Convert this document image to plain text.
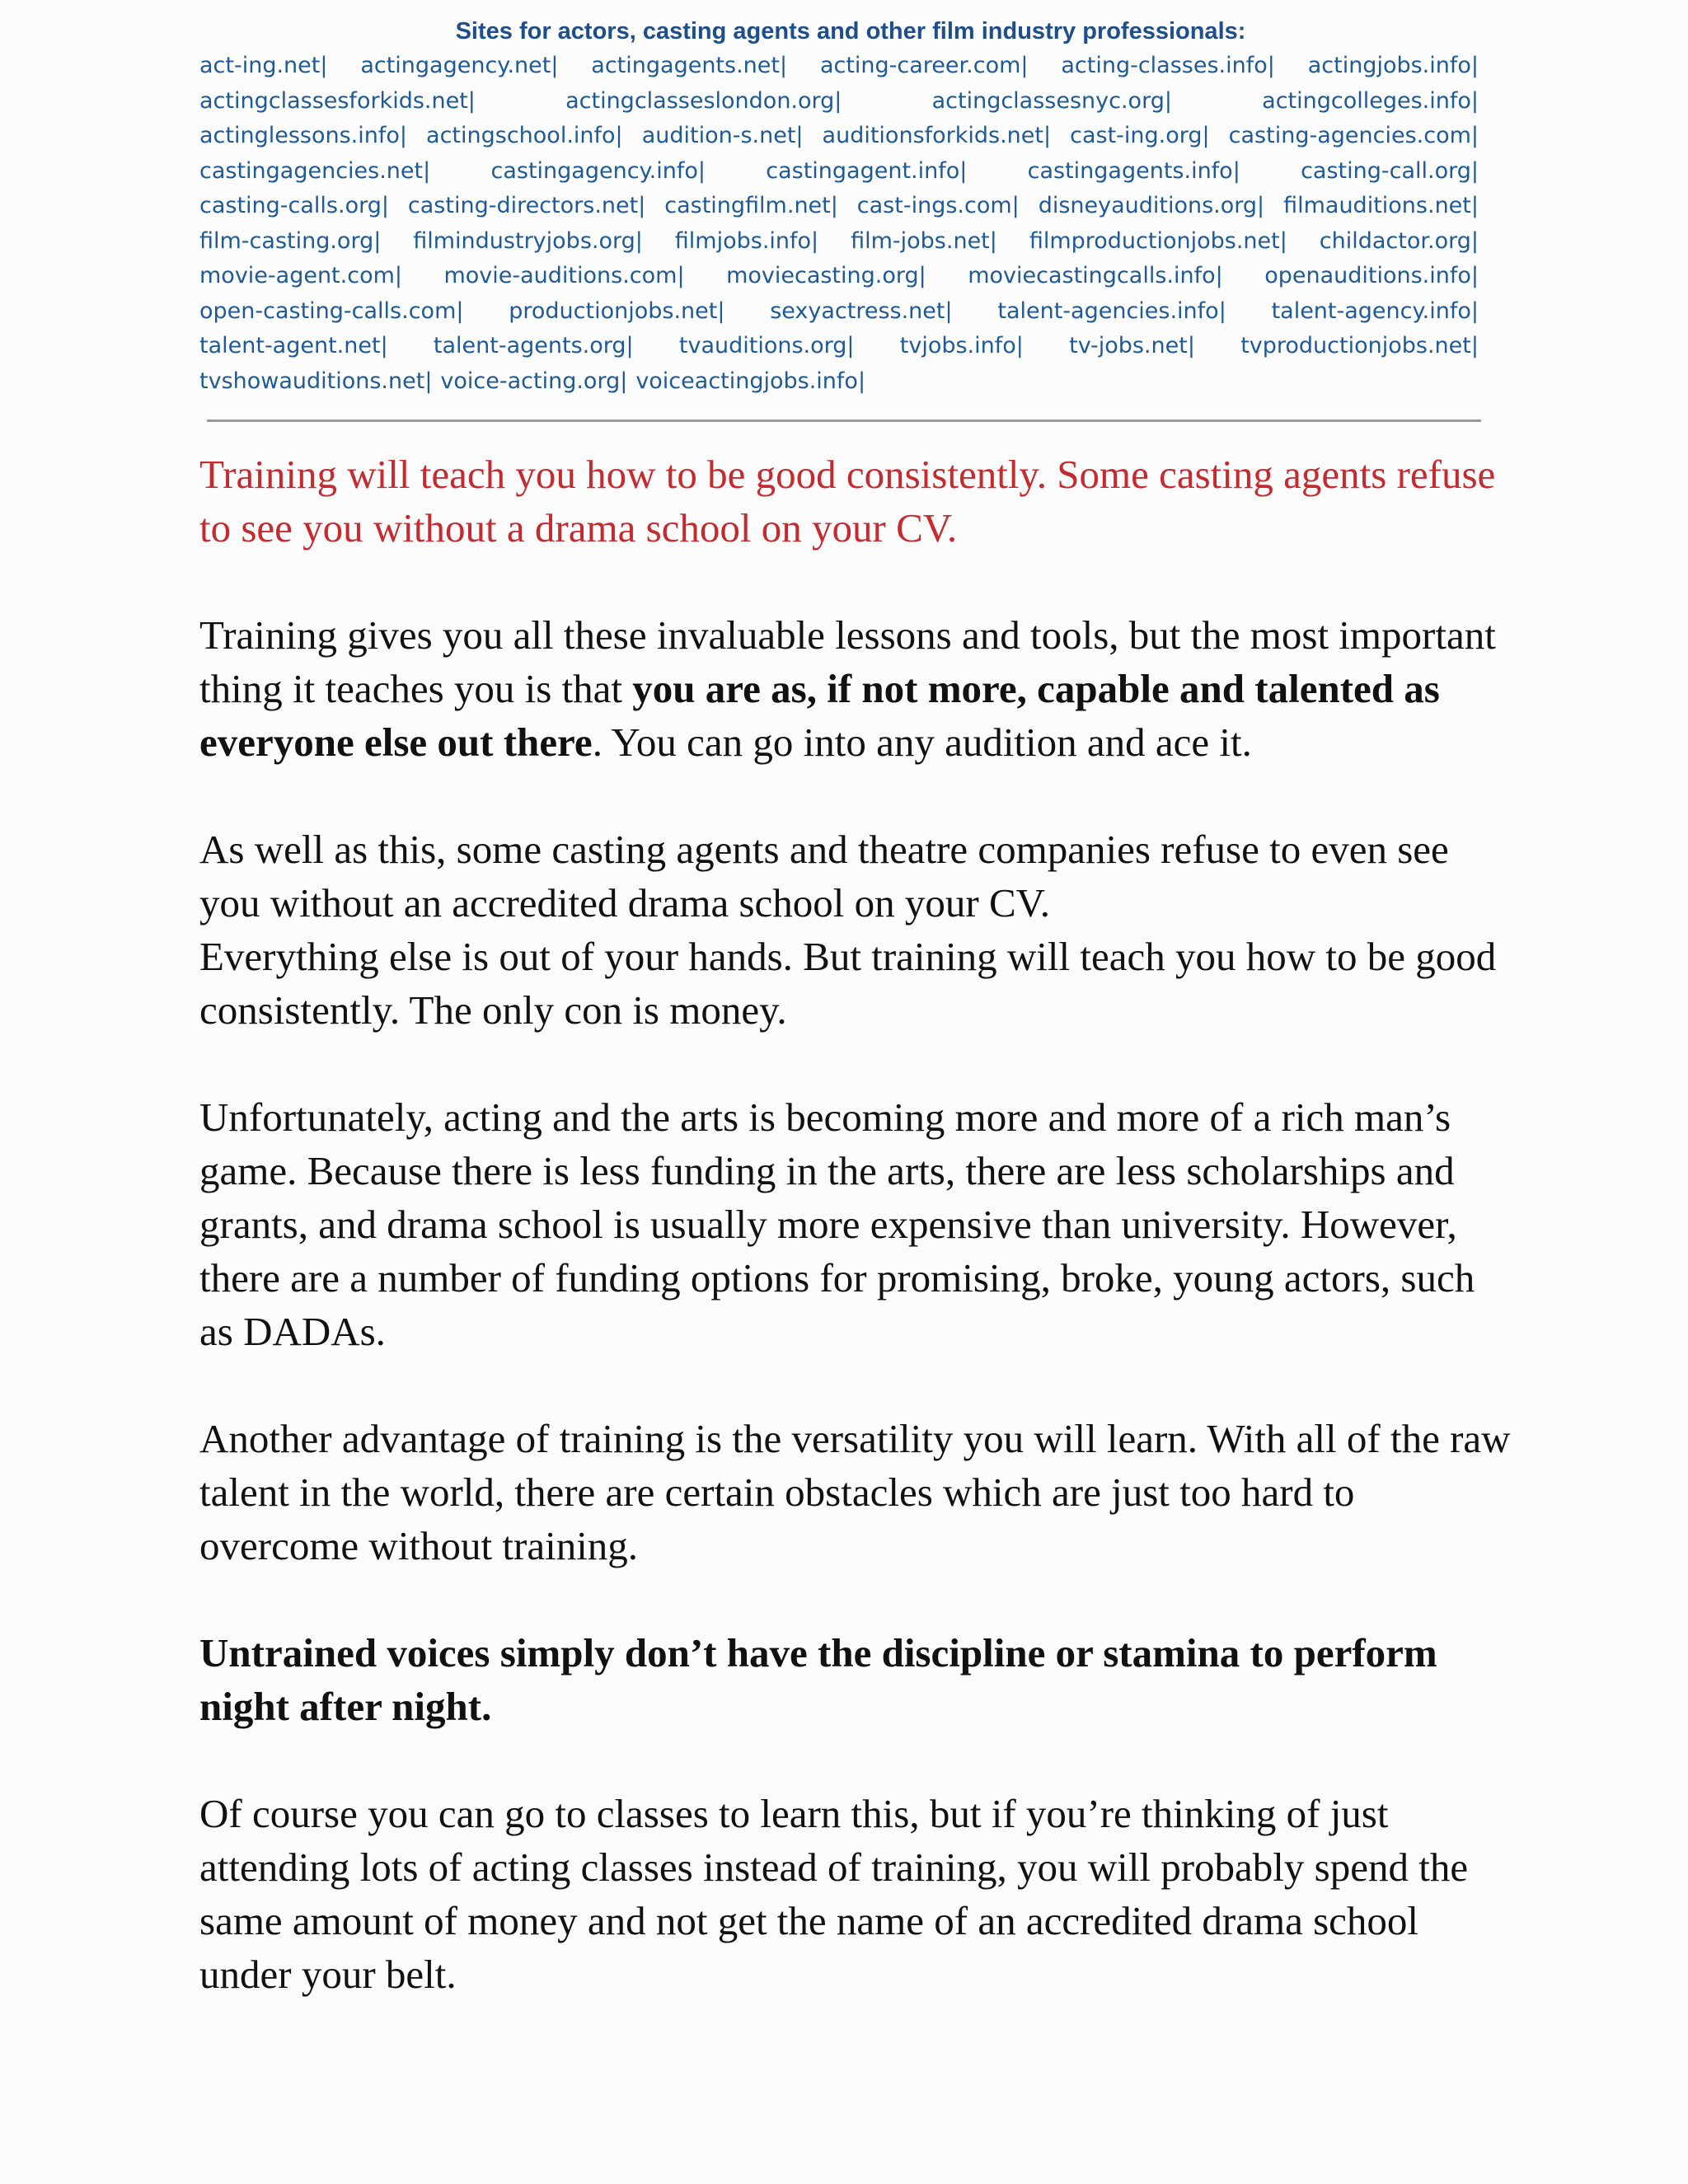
Sites for actors, casting agents and other film industry professionals:
act-ing.net| actingagency.net| actingagents.net| acting-career.com| acting-classes.info| actingjobs.info|
actingclassesforkids.net|	actingclasseslondon.org|	actingclassesnyc.org|	actingcolleges.info|
actinglessons.info| actingschool.info| audition-s.net| auditionsforkids.net| cast-ing.org| casting-agencies.com|
castingagencies.net|	castingagency.info|	castingagent.info|	castingagents.info|	casting-call.org|
casting-calls.org| casting-directors.net| castingfilm.net| cast-ings.com| disneyauditions.org| filmauditions.net|
film-casting.org| filmindustryjobs.org| filmjobs.info| film-jobs.net| filmproductionjobs.net| childactor.org|
movie-agent.com| movie-auditions.com| moviecasting.org| moviecastingcalls.info| openauditions.info|
open-casting-calls.com| productionjobs.net| sexyactress.net| talent-agencies.info| talent-agency.info|
talent-agent.net| talent-agents.org| tvauditions.org| tvjobs.info| tv-jobs.net| tvproductionjobs.net|
tvshowauditions.net| voice-acting.org| voiceactingjobs.info|

Training will teach you how to be good consistently. Some casting agents refuse to see you without a drama school on your CV.

Training gives you all these invaluable lessons and tools, but the most important thing it teaches you is that you are as, if not more, capable and talented as everyone else out there. You can go into any audition and ace it.

As well as this, some casting agents and theatre companies refuse to even see you without an accredited drama school on your CV.
Everything else is out of your hands. But training will teach you how to be good consistently. The only con is money.

Unfortunately, acting and the arts is becoming more and more of a rich man’s game. Because there is less funding in the arts, there are less scholarships and grants, and drama school is usually more expensive than university. However, there are a number of funding options for promising, broke, young actors, such as DADAs.

Another advantage of training is the versatility you will learn. With all of the raw talent in the world, there are certain obstacles which are just too hard to overcome without training.

Untrained voices simply don’t have the discipline or stamina to perform night after night.

Of course you can go to classes to learn this, but if you’re thinking of just attending lots of acting classes instead of training, you will probably spend the same amount of money and not get the name of an accredited drama school under your belt.
